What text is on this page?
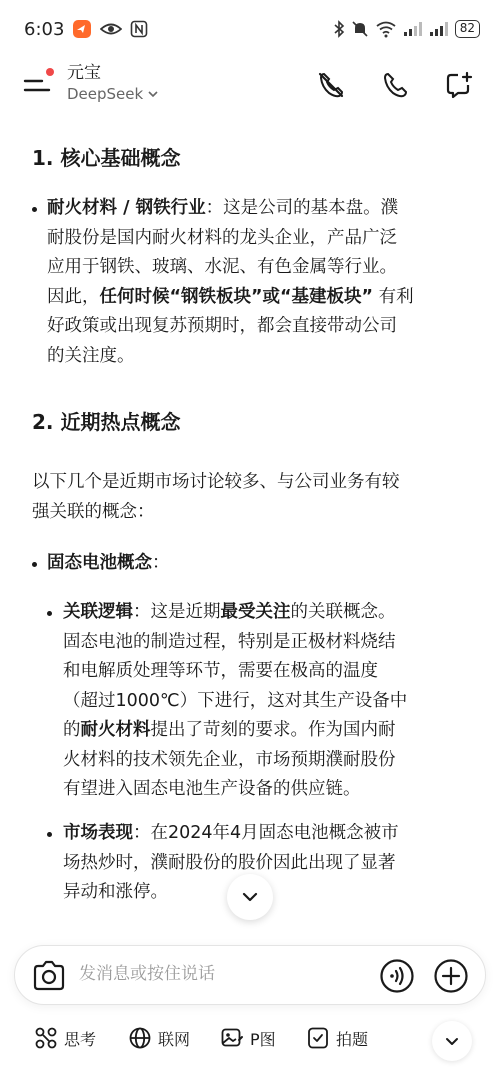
6:03	82
元宝
DeepSeek
1. 核心基础概念
耐火材料 / 钢铁行业：这是公司的基本盘。濮
耐股份是国内耐火材料的龙头企业，产品广泛
应用于钢铁、玻璃、水泥、有色金属等行业。
因此，任何时候“钢铁板块”或“基建板块” 有利
好政策或出现复苏预期时，都会直接带动公司
的关注度。
2. 近期热点概念
以下几个是近期市场讨论较多、与公司业务有较
强关联的概念：
固态电池概念：
关联逻辑：这是近期最受关注的关联概念。
固态电池的制造过程，特别是正极材料烧结
和电解质处理等环节，需要在极高的温度
（超过1000℃）下进行，这对其生产设备中
的耐火材料提出了苛刻的要求。作为国内耐
火材料的技术领先企业，市场预期濮耐股份
有望进入固态电池生产设备的供应链。
市场表现：在2024年4月固态电池概念被市
场热炒时，濮耐股份的股价因此出现了显著
异动和涨停。
发消息或按住说话
思考	联网	P图	拍题
